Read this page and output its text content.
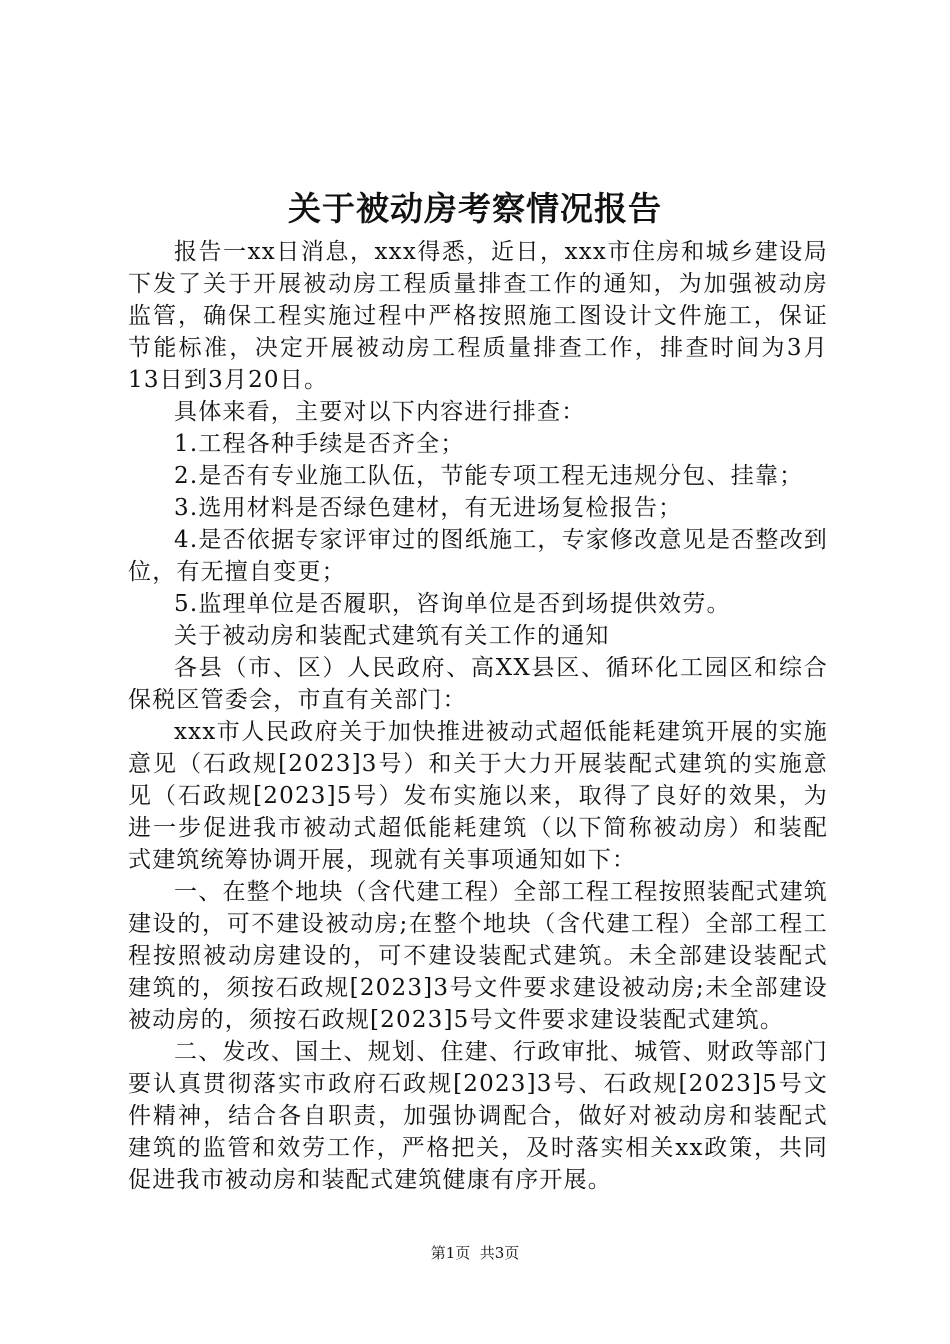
关于被动房考察情况报告

报告一xx日消息，xxx得悉，近日，xxx市住房和城乡建设局下发了关于开展被动房工程质量排查工作的通知，为加强被动房监管，确保工程实施过程中严格按照施工图设计文件施工，保证节能标准，决定开展被动房工程质量排查工作，排查时间为3月13日到3月20日。

具体来看，主要对以下内容进行排查：

1.工程各种手续是否齐全；

2.是否有专业施工队伍，节能专项工程无违规分包、挂靠；

3.选用材料是否绿色建材，有无进场复检报告；

4.是否依据专家评审过的图纸施工，专家修改意见是否整改到位，有无擅自变更；

5.监理单位是否履职，咨询单位是否到场提供效劳。

关于被动房和装配式建筑有关工作的通知

各县（市、区）人民政府、高XX县区、循环化工园区和综合保税区管委会，市直有关部门：

xxx市人民政府关于加快推进被动式超低能耗建筑开展的实施意见（石政规[2023]3号）和关于大力开展装配式建筑的实施意见（石政规[2023]5号）发布实施以来，取得了良好的效果，为进一步促进我市被动式超低能耗建筑（以下简称被动房）和装配式建筑统筹协调开展，现就有关事项通知如下：

一、在整个地块（含代建工程）全部工程工程按照装配式建筑建设的，可不建设被动房;在整个地块（含代建工程）全部工程工程按照被动房建设的，可不建设装配式建筑。未全部建设装配式建筑的，须按石政规[2023]3号文件要求建设被动房;未全部建设被动房的，须按石政规[2023]5号文件要求建设装配式建筑。

二、发改、国土、规划、住建、行政审批、城管、财政等部门要认真贯彻落实市政府石政规[2023]3号、石政规[2023]5号文件精神，结合各自职责，加强协调配合，做好对被动房和装配式建筑的监管和效劳工作，严格把关，及时落实相关xx政策，共同促进我市被动房和装配式建筑健康有序开展。

第1页  共3页
